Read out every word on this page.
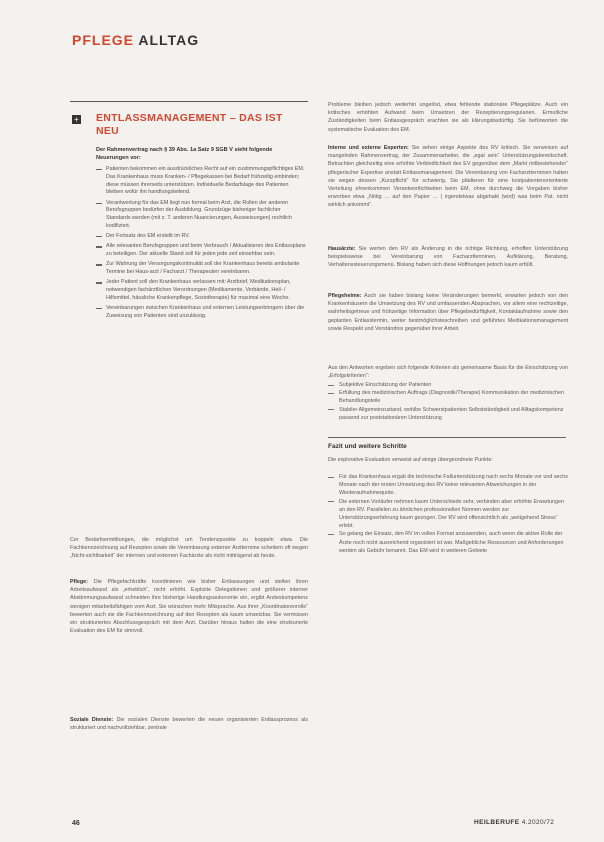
PFLEGE ALLTAG
+ ENTLASSMANAGEMENT – DAS IST NEU
Der Rahmenvertrag nach § 39 Abs. 1a Satz 9 SGB V sieht folgende Neuerungen vor:
Patienten bekommen ein ausdrückliches Recht auf ein zustimmungspflichtiges EM. Das Krankenhaus muss Kranken- / Pflegekassen bei Bedarf frühzeitig einbinden; diese müssen ihrerseits unterstützen. Individuelle Bedarfslage des Patienten bleiben wofür ihn handlungsleitend.
Verantwortung für das EM liegt nun formal beim Arzt, die Rollen der anderen Berufsgruppen bedürfen der Ausbildung. Grundzüge bisheriger fachlicher Standards werden (mit z. T. anderen Nuancierungen, Ausweisungen) rechtlich kodifiziert.
Der Fortsatz des EM erstellt im RV.
Alle relevanten Berufsgruppen und beim Verbrauch / Aktualisieren des Entlassplans zu beteiligen. Der aktuelle Stand soll für jeden jede zeit einsehbar sein.
Zur Wahrung der Versorgungskontinuität soll der Krankenhaus bereits ambulante Termine bei Haus-arzt / Facharzt / Therapeuten vereinbaren.
Jeder Patient soll den Krankenhaus verlassen mit: Arztbrief, Medikationsplan, notwendigen fachärztlichen Verordnungen (Medikamente, Verbände, Heil- / Hilfsmittel, häusliche Krankenpflege, Soziotherapie) für maximal eine Woche.
Vereinbarungen zwischen Krankenhaus und externen Leistungserbringern über die Zuweisung von Patienten sind unzulässig.
Cer Bedarfsermittlungen, die möglichst um Tendenzpunkte zu koppeln etwa. Die Fachkennzeichnung auf Rezepten sowie die Vereinbarung externer Arzttermine scheitern oft wegen „Nicht-sichtbarkeit“ der internen und externen Fachärzte als nicht mitträgend ab heute.
Pflege: Die Pflegefachkräfte koordinieren wie bisher Entlassungen und stellen ihren Arbeitsaufwand als „erheblich“, nicht erhöht. Explizite Delegationen und größerer interner Abstimmungsaufwand schneiden ihre bisherige Handlungsautonomie ein, ergibt Arzteskompetenz wenigen mitarbeitsfähigen vom Arzt. Sie wünschen mehr Mitsprache. Aus ihrer „Koordinatorenrolle“ bewerten auch sie die Fachkennzeichnung auf den Rezepten als kaum umsetzbar. Sie vermissen ein strukturiertes Abschlussgespräch mit dem Arzt. Darüber hinaus halten die eine strukturierte Evaluation des EM für sinnvoll.
Soziale Dienste: Die sozialen Dienste bewerten die neuen organisierten Entlassprozess als strukturiert und nachvollziehbar, zentrale
Probleme bleiben jedoch weiterhin ungelöst, etwa fehlende stationäre Pflegeplätze. Auch ein kritisches erhöhten Aufwand beim Umsetzen der Rezeptierungsregularien. Ermutliche Zuständigkeiten beim Entlassgespräch erachten sie als klärungsbedürftig. Sie befürworten die systematische Evaluation des EM.
Interne und externe Experten: Sie sehen einige Aspekte des RV kritisch. Sie verweisen auf mangelnden Rahmenvertrag, der Zusammenarbeiter, die „egal sein“ Unterstützungsbereitschaft. Betrachten gleichzeitig eine erhöhte Verbindlichkeit des EV gegenüber dem „Markt mitbestehender“ pflegerischer Expertise anstatt Entlassmanagement. Die Vereinbarung von Facharztterminen halten sie wegen dessen „Kurzpflicht“ für schwierig. Sie plädieren für eine kostpatientenorientierte Verteilung ehrenkommen Verantwortlichkeiten beim EM, ohne durchweg die Vorgaben bisher erworben etwa „Nötig … auf den Papier … ( irgendetwas abgehakt (wird) was beim Pat. nicht wirklich ankommt“.
Hausärzte: Sie werten den RV als Änderung in die richtige Richtung, erhoffen Unterstützung beispielsweise bei Vereinbarung von Facharztterminen, Aufklärung, Beratung, Verhaltenssteuerungsmenü. Bislang haben sich diese Hoffnungen jedoch kaum erfüllt.
Pflegeheime: Auch sie haben bislang keine Veränderungen bemerkt, erwarten jedoch von den Krankenhäusern die Umsetzung des RV und umfassenden Absprachen, vor allem eine rechtzeitige, wahrheitsgetreue und frühzeitige Information über Pflegebedürftigkeit, Kontaktaufnahme sowie den geplanten Entlasstermin, weiter bestmöglichsteschreiben und geführtes Medikationsmanagement sowie Respekt und Verständnis gegenüber ihrer Arbeit.
Aus den Antworten ergeben sich folgende Kriterien als gemeinsame Basis für die Einschätzung von „Erfolgskriterien“:
Subjektive Einschätzung der Patienten
Erfüllung des medizinischen Auftrags (Diagnostik/Therapie) Kommunikation der medizinischen Behandlungsteile
Stabiler Allgemeinzustand, wohlbe Schwerstpatienten Selbstständigkeit und Alltagskompetenz passend zur poststationären Unterstützung
Fazit und weitere Schritte
Die explorative Evaluation verweist auf einige übergeordnete Punkte:
Für das Krankenhaus ergab die technische Fallunterstützung nach sechs Monate vor und sechs Monate nach der ersten Umsetzung des RV keine relevanten Abweichungen in der Wiederaufnahmequote.
Die externen Vorläufer nehmen kaum Unterschiede sehr, verbinden aber erhöhte Erwartungen an den RV. Parallelen zu ähnlichen professionellen Normen werden zur Unterstützungserfahrung kaum gezogen. Der RV wird offensichtlich als „weitgehend Stress“ erlebt.
So gelang der Einsatz, den RV im vollen Format anzuwenden, auch wenn die aktive Rolle der Ärzte noch nicht ausreichend organisiert ist war. Maßgebliche Ressourcen und Anforderungen werden als Gebühr benannt. Das EM wird in weiteren Gebiete
46	HEILBERUFE 4.2020/72
